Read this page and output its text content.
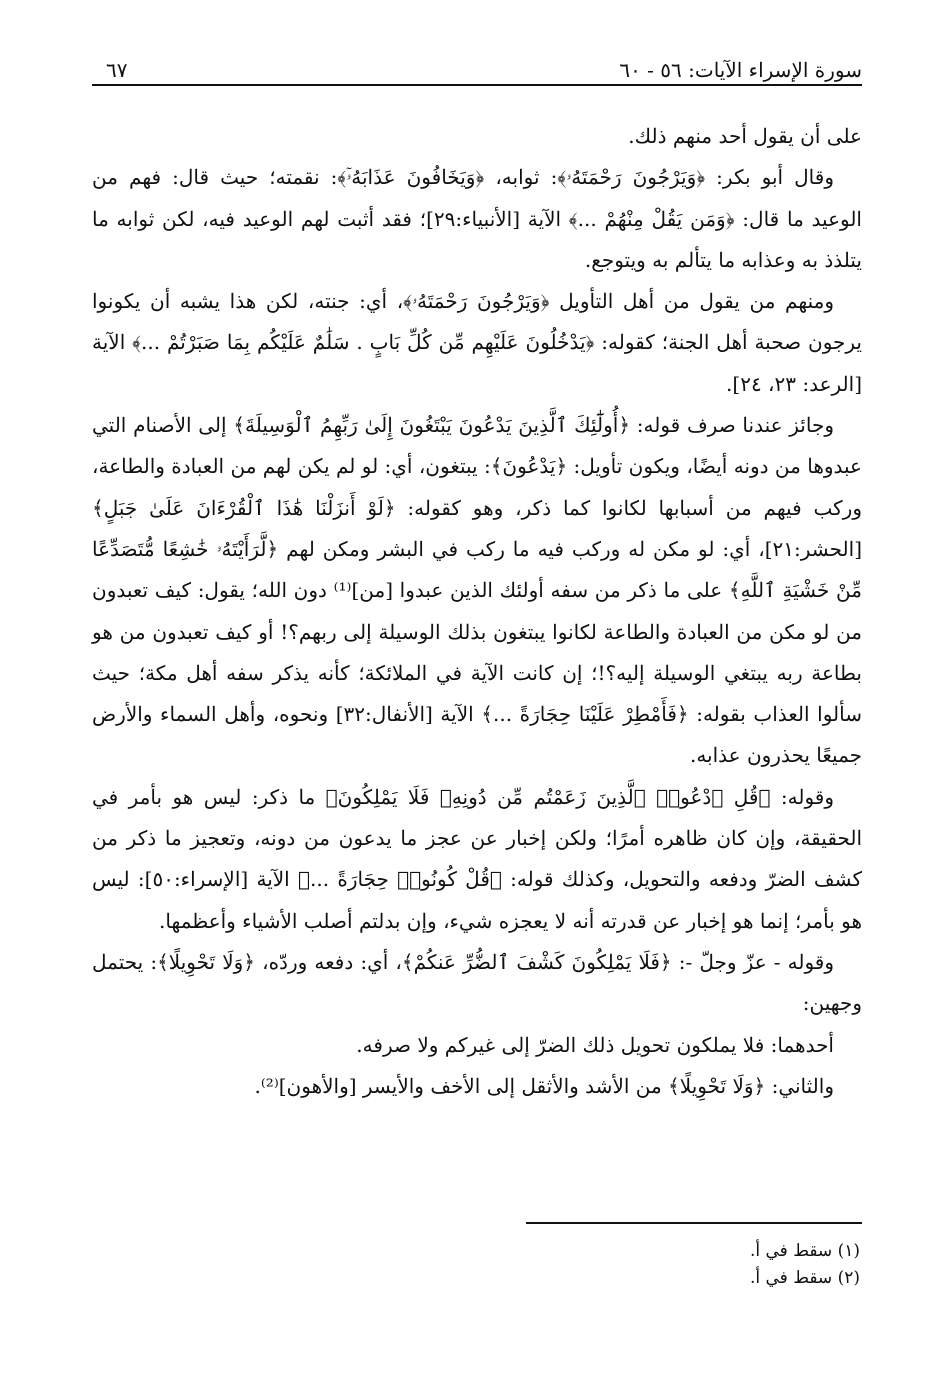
سورة الإسراء الآيات: ٥٦ - ٦٠
٦٧

على أن يقول أحد منهم ذلك.

وقال أبو بكر: ﴿وَيَرْجُونَ رَحْمَتَهُۥ﴾: ثوابه، ﴿وَيَخَافُونَ عَذَابَهُۥٓ﴾: نقمته؛ حيث قال: فهم من الوعيد ما قال: ﴿وَمَن يَقُلْ مِنْهُمْ ...﴾ الآية [الأنبياء:٢٩]؛ فقد أثبت لهم الوعيد فيه، لكن ثوابه ما يتلذذ به وعذابه ما يتألم به ويتوجع.

ومنهم من يقول من أهل التأويل ﴿وَيَرْجُونَ رَحْمَتَهُۥ﴾، أي: جنته، لكن هذا يشبه أن يكونوا يرجون صحبة أهل الجنة؛ كقوله: ﴿يَدْخُلُونَ عَلَيْهِم مِّن كُلِّ بَابٍ . سَلَٰمٌ عَلَيْكُم بِمَا صَبَرْتُمْ ...﴾ الآية [الرعد: ٢٣، ٢٤].

وجائز عندنا صرف قوله: ﴿أُولَٰٓئِكَ ٱلَّذِينَ يَدْعُونَ يَبْتَغُونَ إِلَىٰ رَبِّهِمُ ٱلْوَسِيلَةَ﴾ إلى الأصنام التي عبدوها من دونه أيضًا، ويكون تأويل: ﴿يَدْعُونَ﴾: يبتغون، أي: لو لم يكن لهم من العبادة والطاعة، وركب فيهم من أسبابها لكانوا كما ذكر، وهو كقوله: ﴿لَوْ أَنزَلْنَا هَٰذَا ٱلْقُرْءَانَ عَلَىٰ جَبَلٍ﴾ [الحشر:٢١]، أي: لو مكن له وركب فيه ما ركب في البشر ومكن لهم ﴿لَّرَأَيْتَهُۥ خَٰشِعًا مُّتَصَدِّعًا مِّنْ خَشْيَةِ ٱللَّهِ﴾ على ما ذكر من سفه أولئك الذين عبدوا [من]⁽¹⁾ دون الله؛ يقول: كيف تعبدون من لو مكن من العبادة والطاعة لكانوا يبتغون بذلك الوسيلة إلى ربهم؟! أو كيف تعبدون من هو بطاعة ربه يبتغي الوسيلة إليه؟!؛ إن كانت الآية في الملائكة؛ كأنه يذكر سفه أهل مكة؛ حيث سألوا العذاب بقوله: ﴿فَأَمْطِرْ عَلَيْنَا حِجَارَةً ...﴾ الآية [الأنفال:٣٢] ونحوه، وأهل السماء والأرض جميعًا يحذرون عذابه.

وقوله: ﴿قُلِ ٱدْعُوا۟ ٱلَّذِينَ زَعَمْتُم مِّن دُونِهِۦ فَلَا يَمْلِكُونَ﴾ ما ذكر: ليس هو بأمر في الحقيقة، وإن كان ظاهره أمرًا؛ ولكن إخبار عن عجز ما يدعون من دونه، وتعجيز ما ذكر من كشف الضرّ ودفعه والتحويل، وكذلك قوله: ﴿قُلْ كُونُوا۟ حِجَارَةً ...﴾ الآية [الإسراء:٥٠]: ليس هو بأمر؛ إنما هو إخبار عن قدرته أنه لا يعجزه شيء، وإن بدلتم أصلب الأشياء وأعظمها.

وقوله - عزّ وجلّ -: ﴿فَلَا يَمْلِكُونَ كَشْفَ ٱلضُّرِّ عَنكُمْ﴾، أي: دفعه وردّه، ﴿وَلَا تَحْوِيلًا﴾: يحتمل وجهين:

أحدهما: فلا يملكون تحويل ذلك الضرّ إلى غيركم ولا صرفه.

والثاني: ﴿وَلَا تَحْوِيلًا﴾ من الأشد والأثقل إلى الأخف والأيسر [والأهون]⁽²⁾.

(١) سقط في أ.
(٢) سقط في أ.
